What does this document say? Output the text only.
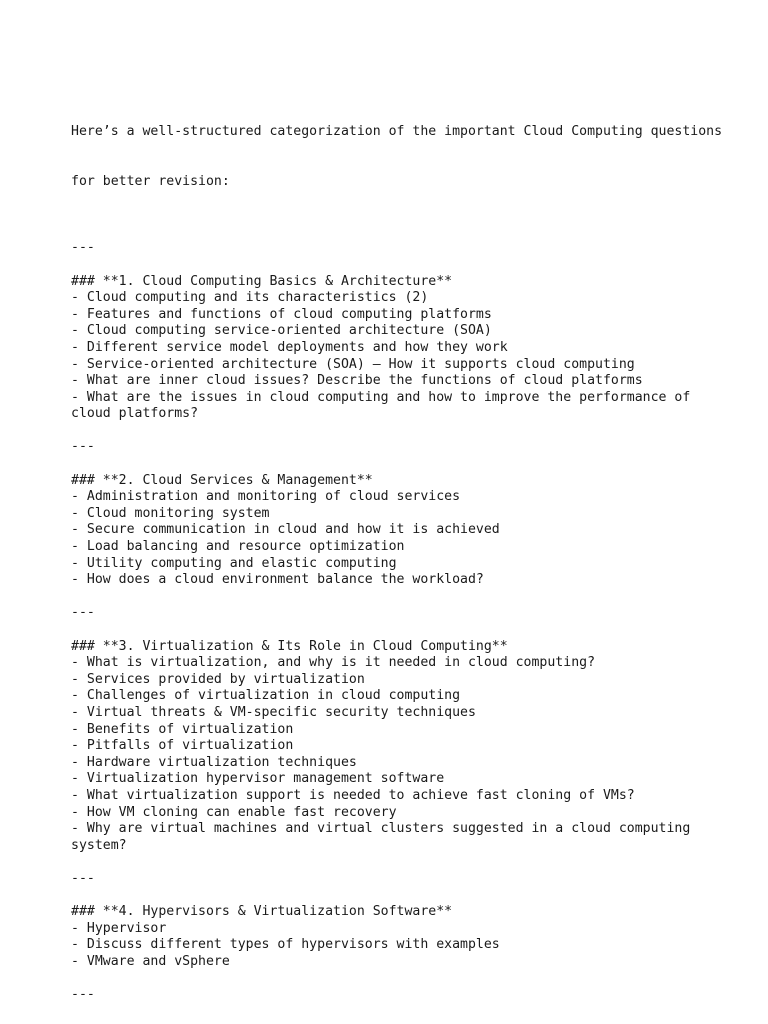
Here’s a well-structured categorization of the important Cloud Computing questions

for better revision:

---
### **1. Cloud Computing Basics & Architecture**
- Cloud computing and its characteristics (2)
- Features and functions of cloud computing platforms
- Cloud computing service-oriented architecture (SOA)
- Different service model deployments and how they work
- Service-oriented architecture (SOA) – How it supports cloud computing
- What are inner cloud issues? Describe the functions of cloud platforms
- What are the issues in cloud computing and how to improve the performance of
cloud platforms?
---
### **2. Cloud Services & Management**
- Administration and monitoring of cloud services
- Cloud monitoring system
- Secure communication in cloud and how it is achieved
- Load balancing and resource optimization
- Utility computing and elastic computing
- How does a cloud environment balance the workload?
---
### **3. Virtualization & Its Role in Cloud Computing**
- What is virtualization, and why is it needed in cloud computing?
- Services provided by virtualization
- Challenges of virtualization in cloud computing
- Virtual threats & VM-specific security techniques
- Benefits of virtualization
- Pitfalls of virtualization
- Hardware virtualization techniques
- Virtualization hypervisor management software
- What virtualization support is needed to achieve fast cloning of VMs?
- How VM cloning can enable fast recovery
- Why are virtual machines and virtual clusters suggested in a cloud computing
system?
---
### **4. Hypervisors & Virtualization Software**
- Hypervisor
- Discuss different types of hypervisors with examples
- VMware and vSphere
---
